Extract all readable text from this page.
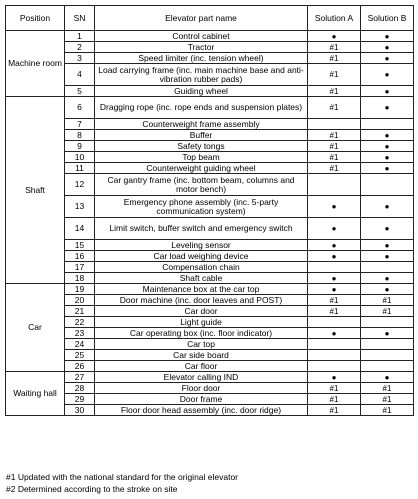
Position	SN	Elevator part name	Solution A	Solution B
Machine room	1	Control cabinet	●	●
	2	Tractor	#1	●
	3	Speed limiter (inc. tension wheel)	#1	●
	4	Load carrying frame (inc. main machine base and anti-vibration rubber pads)	#1	●
	5	Guiding wheel	#1	●
Shaft	6	Dragging rope (inc. rope ends and suspension plates)	#1	●
	7	Counterweight frame assembly		
	8	Buffer	#1	●
	9	Safety tongs	#1	●
	10	Top beam	#1	●
	11	Counterweight guiding wheel	#1	●
	12	Car gantry frame (inc. bottom beam, columns and motor bench)		
	13	Emergency phone assembly (inc. 5-party communication system)	●	●
	14	Limit switch, buffer switch and emergency switch	●	●
	15	Leveling sensor	●	●
	16	Car load weighing device	●	●
	17	Compensation chain		
	18	Shaft cable	●	●
Car	19	Maintenance box at the car top	●	●
	20	Door machine (inc. door leaves and POST)	#1	#1
	21	Car door	#1	#1
	22	Light guide		
	23	Car operating box (inc. floor indicator)	●	●
	24	Car top		
	25	Car side board		
	26	Car floor		
Waiting hall	27	Elevator calling IND	●	●
	28	Floor door	#1	#1
	29	Door frame	#1	#1
	30	Floor door head assembly (inc. door ridge)	#1	#1
#1 Updated with the national standard for the original elevator
#2 Determined according to the stroke on site
